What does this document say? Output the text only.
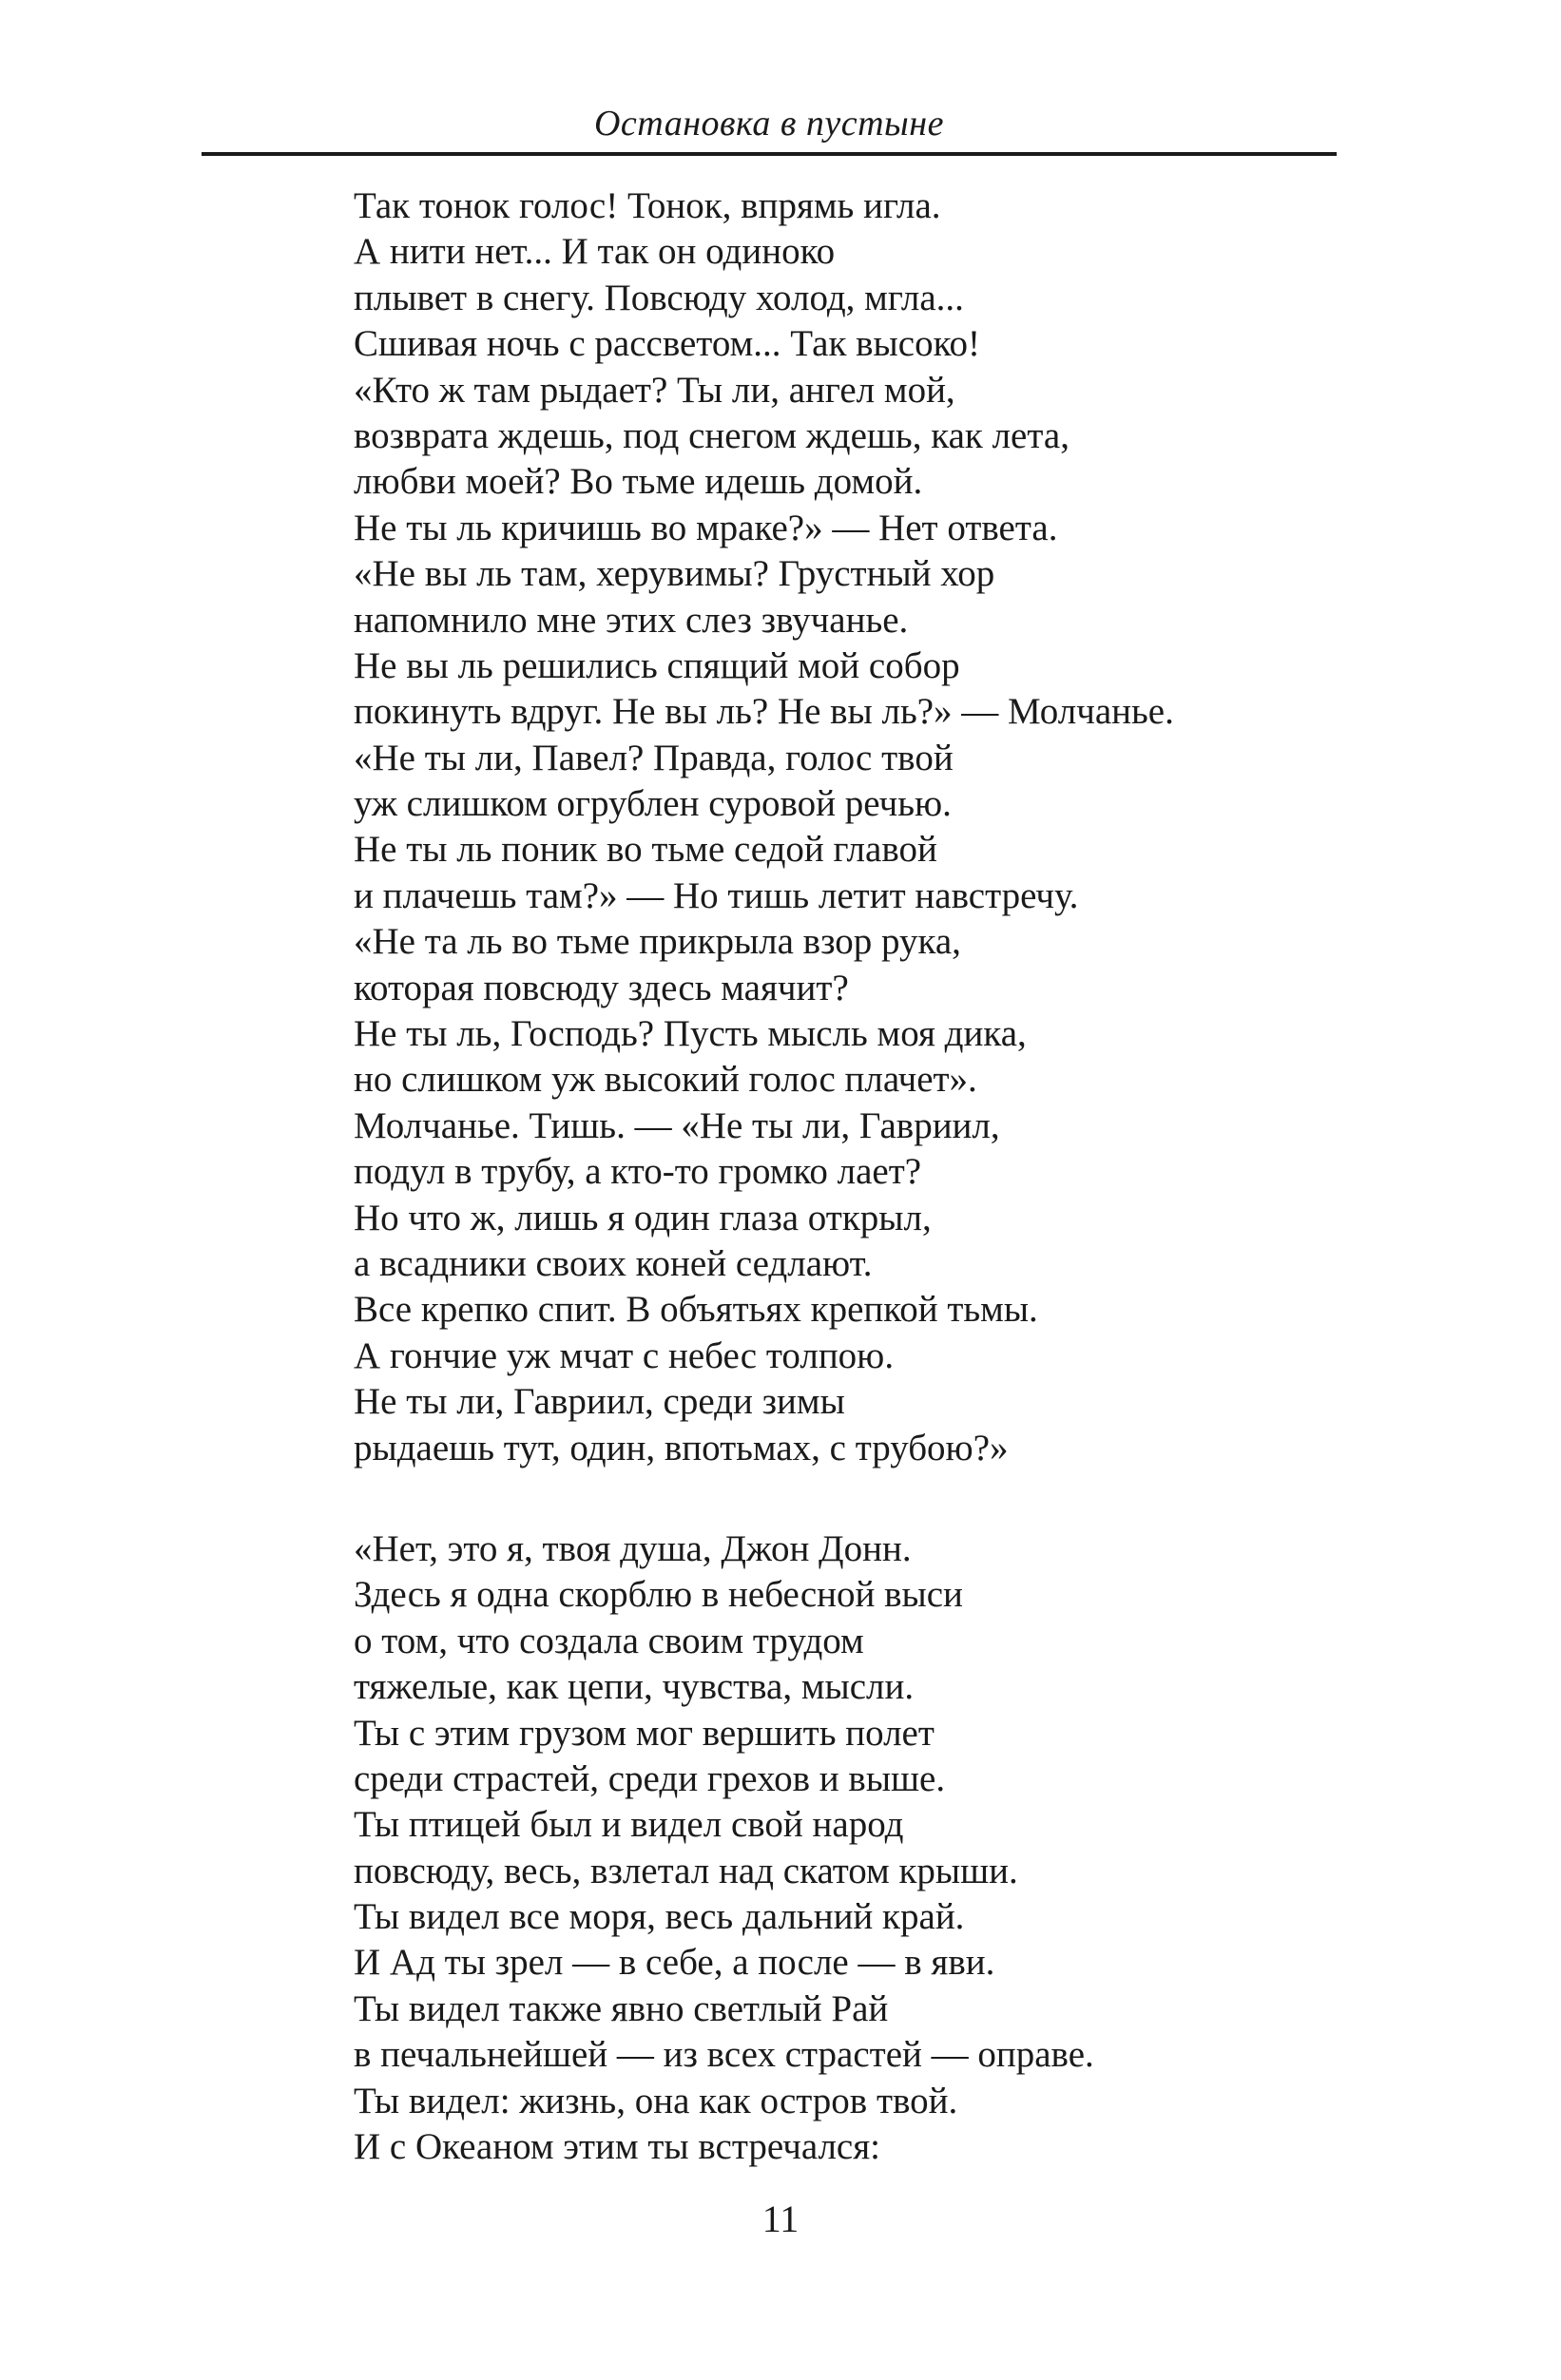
Остановка в пустыне
Так тонок голос! Тонок, впрямь игла.
А нити нет... И так он одиноко
плывет в снегу. Повсюду холод, мгла...
Сшивая ночь с рассветом... Так высоко!
«Кто ж там рыдает? Ты ли, ангел мой,
возврата ждешь, под снегом ждешь, как лета,
любви моей? Во тьме идешь домой.
Не ты ль кричишь во мраке?» — Нет ответа.
«Не вы ль там, херувимы? Грустный хор
напомнило мне этих слез звучанье.
Не вы ль решились спящий мой собор
покинуть вдруг. Не вы ль? Не вы ль?» — Молчанье.
«Не ты ли, Павел? Правда, голос твой
уж слишком огрублен суровой речью.
Не ты ль поник во тьме седой главой
и плачешь там?» — Но тишь летит навстречу.
«Не та ль во тьме прикрыла взор рука,
которая повсюду здесь маячит?
Не ты ль, Господь? Пусть мысль моя дика,
но слишком уж высокий голос плачет».
Молчанье. Тишь. — «Не ты ли, Гавриил,
подул в трубу, а кто-то громко лает?
Но что ж, лишь я один глаза открыл,
а всадники своих коней седлают.
Все крепко спит. В объятьях крепкой тьмы.
А гончие уж мчат с небес толпою.
Не ты ли, Гавриил, среди зимы
рыдаешь тут, один, впотьмах, с трубою?»
«Нет, это я, твоя душа, Джон Донн.
Здесь я одна скорблю в небесной выси
о том, что создала своим трудом
тяжелые, как цепи, чувства, мысли.
Ты с этим грузом мог вершить полет
среди страстей, среди грехов и выше.
Ты птицей был и видел свой народ
повсюду, весь, взлетал над скатом крыши.
Ты видел все моря, весь дальний край.
И Ад ты зрел — в себе, а после — в яви.
Ты видел также явно светлый Рай
в печальнейшей — из всех страстей — оправе.
Ты видел: жизнь, она как остров твой.
И с Океаном этим ты встречался:
11
